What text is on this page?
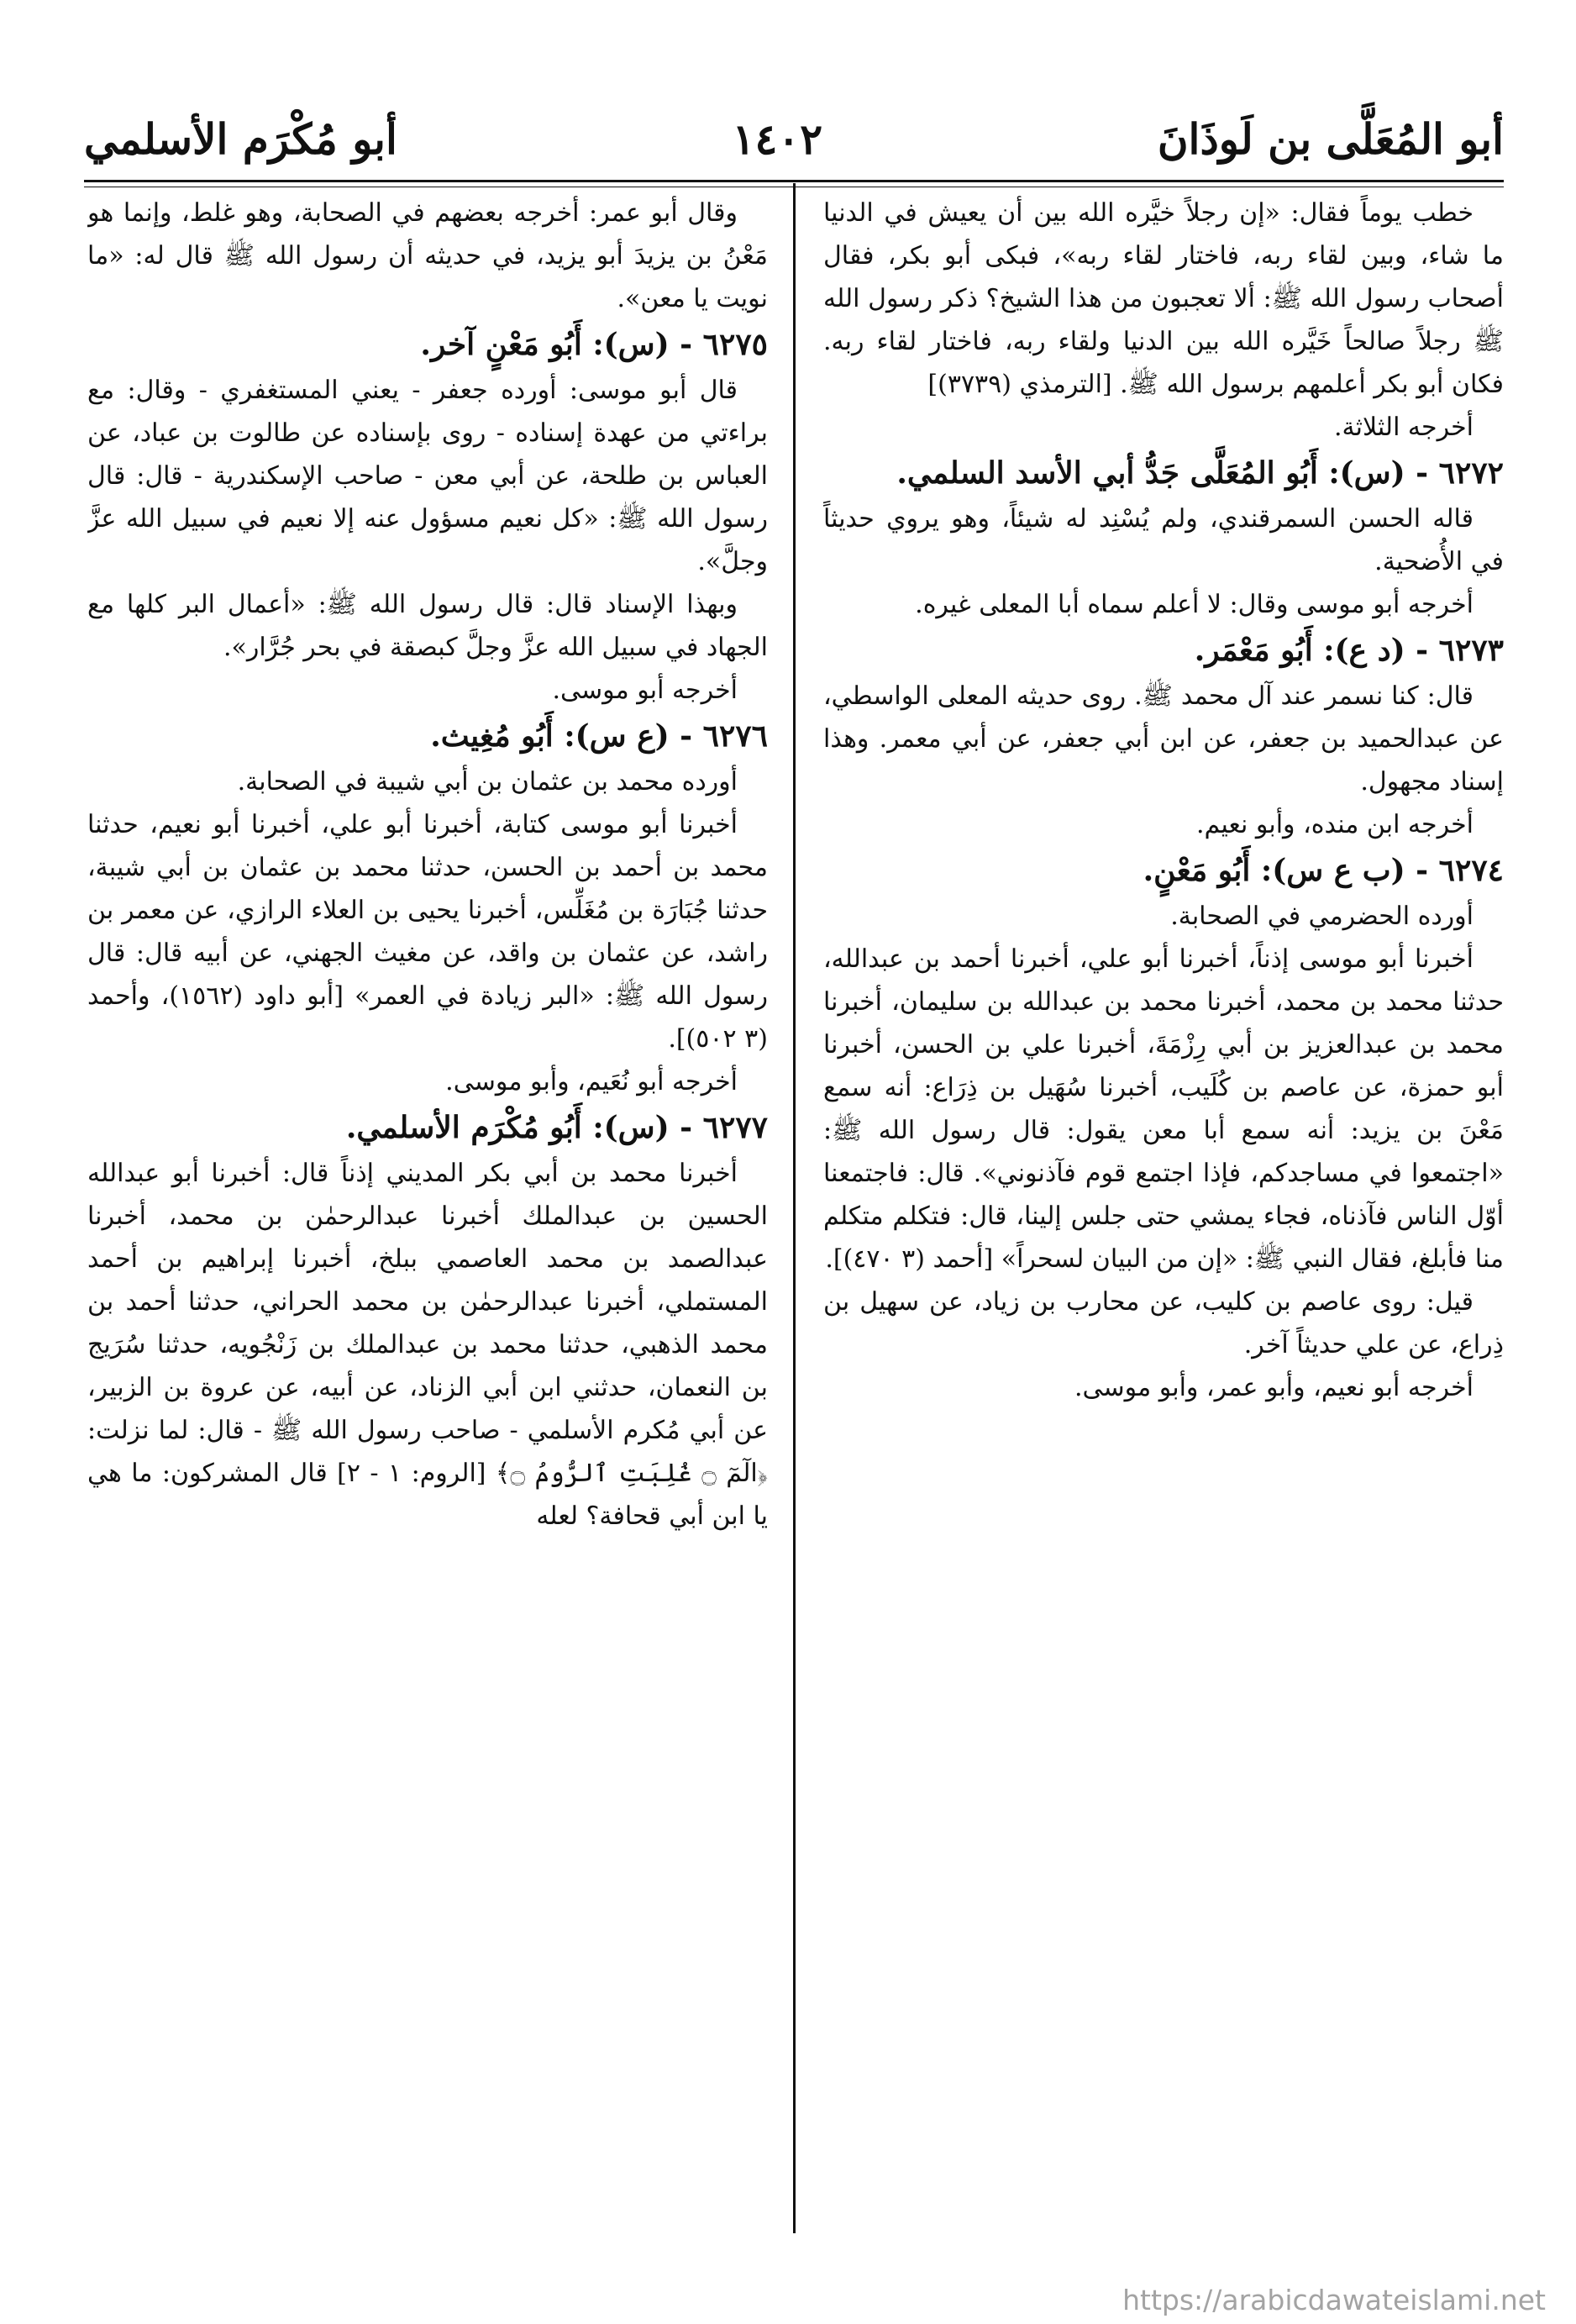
أبو المُعَلَّى بن لَوذَانَ
١٤٠٢
أبو مُكْرَم الأسلمي

خطب يوماً فقال: «إن رجلاً خيَّره الله بين أن يعيش في الدنيا ما شاء، وبين لقاء ربه، فاختار لقاء ربه»، فبكى أبو بكر، فقال أصحاب رسول الله ﷺ: ألا تعجبون من هذا الشيخ؟ ذكر رسول الله ﷺ رجلاً صالحاً خَيَّره الله بين الدنيا ولقاء ربه، فاختار لقاء ربه. فكان أبو بكر أعلمهم برسول الله ﷺ. [الترمذي (٣٧٣٩)]

أخرجه الثلاثة.

٦٢٧٢ - (س): أَبُو المُعَلَّى جَدُّ أبي الأسد السلمي.

قاله الحسن السمرقندي، ولم يُسْنِد له شيئاً، وهو يروي حديثاً في الأُضحية.

أخرجه أبو موسى وقال: لا أعلم سماه أبا المعلى غيره.

٦٢٧٣ - (د ع): أَبُو مَعْمَر.

قال: كنا نسمر عند آل محمد ﷺ. روى حديثه المعلى الواسطي، عن عبدالحميد بن جعفر، عن ابن أبي جعفر، عن أبي معمر. وهذا إسناد مجهول.

أخرجه ابن منده، وأبو نعيم.

٦٢٧٤ - (ب ع س): أَبُو مَعْنٍ.

أورده الحضرمي في الصحابة.

أخبرنا أبو موسى إذناً، أخبرنا أبو علي، أخبرنا أحمد بن عبدالله، حدثنا محمد بن محمد، أخبرنا محمد بن عبدالله بن سليمان، أخبرنا محمد بن عبدالعزيز بن أبي رِزْمَةَ، أخبرنا علي بن الحسن، أخبرنا أبو حمزة، عن عاصم بن كُلَيب، أخبرنا سُهَيل بن ذِرَاع: أنه سمع مَعْنَ بن يزيد: أنه سمع أبا معن يقول: قال رسول الله ﷺ: «اجتمعوا في مساجدكم، فإذا اجتمع قوم فآذنوني». قال: فاجتمعنا أوّل الناس فآذناه، فجاء يمشي حتى جلس إلينا، قال: فتكلم متكلم منا فأبلغ، فقال النبي ﷺ: «إن من البيان لسحراً» [أحمد (٣ ٤٧٠)].

قيل: روى عاصم بن كليب، عن محارب بن زياد، عن سهيل بن ذِراع، عن علي حديثاً آخر.

أخرجه أبو نعيم، وأبو عمر، وأبو موسى.

وقال أبو عمر: أخرجه بعضهم في الصحابة، وهو غلط، وإنما هو مَعْنُ بن يزيدَ أبو يزيد، في حديثه أن رسول الله ﷺ قال له: «ما نويت يا معن».

٦٢٧٥ - (س): أَبُو مَعْنٍ آخر.

قال أبو موسى: أورده جعفر - يعني المستغفري - وقال: مع براءتي من عهدة إسناده - روى بإسناده عن طالوت بن عباد، عن العباس بن طلحة، عن أبي معن - صاحب الإسكندرية - قال: قال رسول الله ﷺ: «كل نعيم مسؤول عنه إلا نعيم في سبيل الله عزَّ وجلَّ».

وبهذا الإسناد قال: قال رسول الله ﷺ: «أعمال البر كلها مع الجهاد في سبيل الله عزَّ وجلَّ كبصقة في بحر جُرَّار».

أخرجه أبو موسى.

٦٢٧٦ - (ع س): أَبُو مُغِيث.

أورده محمد بن عثمان بن أبي شيبة في الصحابة.

أخبرنا أبو موسى كتابة، أخبرنا أبو علي، أخبرنا أبو نعيم، حدثنا محمد بن أحمد بن الحسن، حدثنا محمد بن عثمان بن أبي شيبة، حدثنا جُبَارَة بن مُغَلِّس، أخبرنا يحيى بن العلاء الرازي، عن معمر بن راشد، عن عثمان بن واقد، عن مغيث الجهني، عن أبيه قال: قال رسول الله ﷺ: «البر زيادة في العمر» [أبو داود (١٥٦٢)، وأحمد (٣ ٥٠٢)].

أخرجه أبو نُعَيم، وأبو موسى.

٦٢٧٧ - (س): أَبُو مُكْرَم الأسلمي.

أخبرنا محمد بن أبي بكر المديني إذناً قال: أخبرنا أبو عبدالله الحسين بن عبدالملك أخبرنا عبدالرحمٰن بن محمد، أخبرنا عبدالصمد بن محمد العاصمي ببلخ، أخبرنا إبراهيم بن أحمد المستملي، أخبرنا عبدالرحمٰن بن محمد الحراني، حدثنا أحمد بن محمد الذهبي، حدثنا محمد بن عبدالملك بن زَنْجُويه، حدثنا سُرَيج بن النعمان، حدثني ابن أبي الزناد، عن أبيه، عن عروة بن الزبير، عن أبي مُكرم الأسلمي - صاحب رسول الله ﷺ - قال: لما نزلت: ﴿الٓمٓ ۝ غُلِبَتِ ٱلرُّومُ ۝﴾ [الروم: ١ - ٢] قال المشركون: ما هي يا ابن أبي قحافة؟ لعله

https://arabicdawateislami.net
